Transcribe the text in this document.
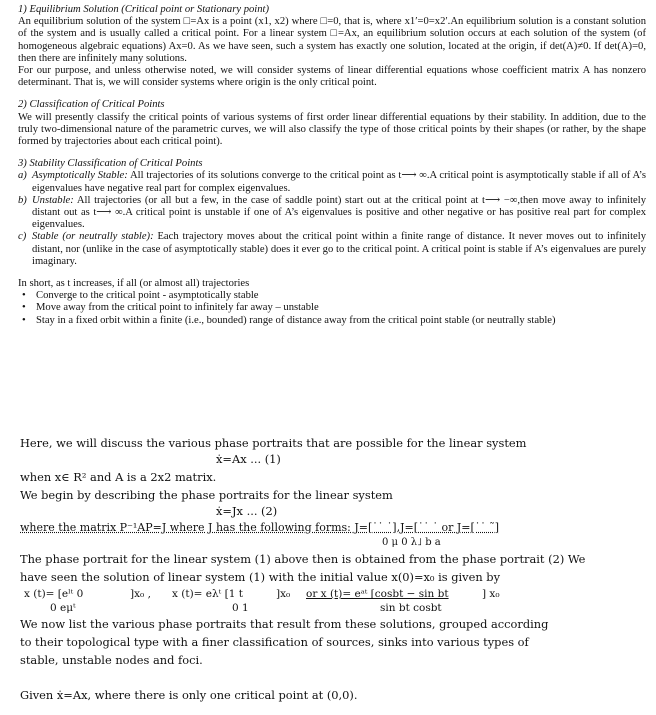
1) Equilibrium Solution (Critical point or Stationary point)

An equilibrium solution of the system □=Ax is a point (x1, x2) where □=0, that is, where x1′=0=x2′.An equilibrium solution is a constant solution of the system and is usually called a critical point. For a linear system □=Ax, an equilibrium solution occurs at each solution of the system (of homogeneous algebraic equations) Ax=0. As we have seen, such a system has exactly one solution, located at the origin, if det(A)≠0. If det(A)=0, then there are infinitely many solutions.

For our purpose, and unless otherwise noted, we will consider systems of linear differential equations whose coefficient matrix A has nonzero determinant. That is, we will consider systems where origin is the only critical point.

2) Classification of Critical Points

We will presently classify the critical points of various systems of first order linear differential equations by their stability. In addition, due to the truly two-dimensional nature of the parametric curves, we will also classify the type of those critical points by their shapes (or rather, by the shape formed by trajectories about each critical point).

3) Stability Classification of Critical Points

a) Asymptotically Stable: All trajectories of its solutions converge to the critical point as t⟶ ∞.A critical point is asymptotically stable if all of A’s eigenvalues have negative real part for complex eigenvalues.
b) Unstable: All trajectories (or all but a few, in the case of saddle point) start out at the critical point at t⟶ −∞,then move away to infinitely distant out as t⟶ ∞.A critical point is unstable if one of A’s eigenvalues is positive and other negative or has positive real part for complex eigenvalues.
c) Stable (or neutrally stable): Each trajectory moves about the critical point within a finite range of distance. It never moves out to infinitely distant, nor (unlike in the case of asymptotically stable) does it ever go to the critical point. A critical point is stable if A’s eigenvalues are purely imaginary.

In short, as t increases, if all (or almost all) trajectories

• Converge to the critical point - asymptotically stable
• Move away from the critical point to infinitely far away – unstable
• Stay in a fixed orbit within a finite (i.e., bounded) range of distance away from the critical point stable (or neutrally stable)
Here, we will discuss the various phase portraits that are possible for the linear system
ẋ=Ax ... (1)
when x∈ R² and A is a 2x2 matrix.
We begin by describing the phase portraits for the linear system
ẋ=Jx ... (2)
where the matrix P⁻¹AP=J where J has the following forms: J=[˙˙ ˙],J=[˙˙ ˙ or J=[˙˙ ˜]
0 μ 0 λ˩ b a
The phase portrait for the linear system (1) above then is obtained from the phase portrait (2) We
have seen the solution of linear system (1) with the initial value x(0)=x₀ is given by
x (t)= [eˡᵗ 0	]x₀ , x (t)= eλᵗ [1 t	]x₀ or x (t)= eᵃᵗ [cosbt − sin bt	] x₀
0 eμᵗ	0 1	sin bt cosbt
We now list the various phase portraits that result from these solutions, grouped according
to their topological type with a finer classification of sources, sinks into various types of
stable, unstable nodes and foci.
Given ẋ=Ax, where there is only one critical point at (0,0).
